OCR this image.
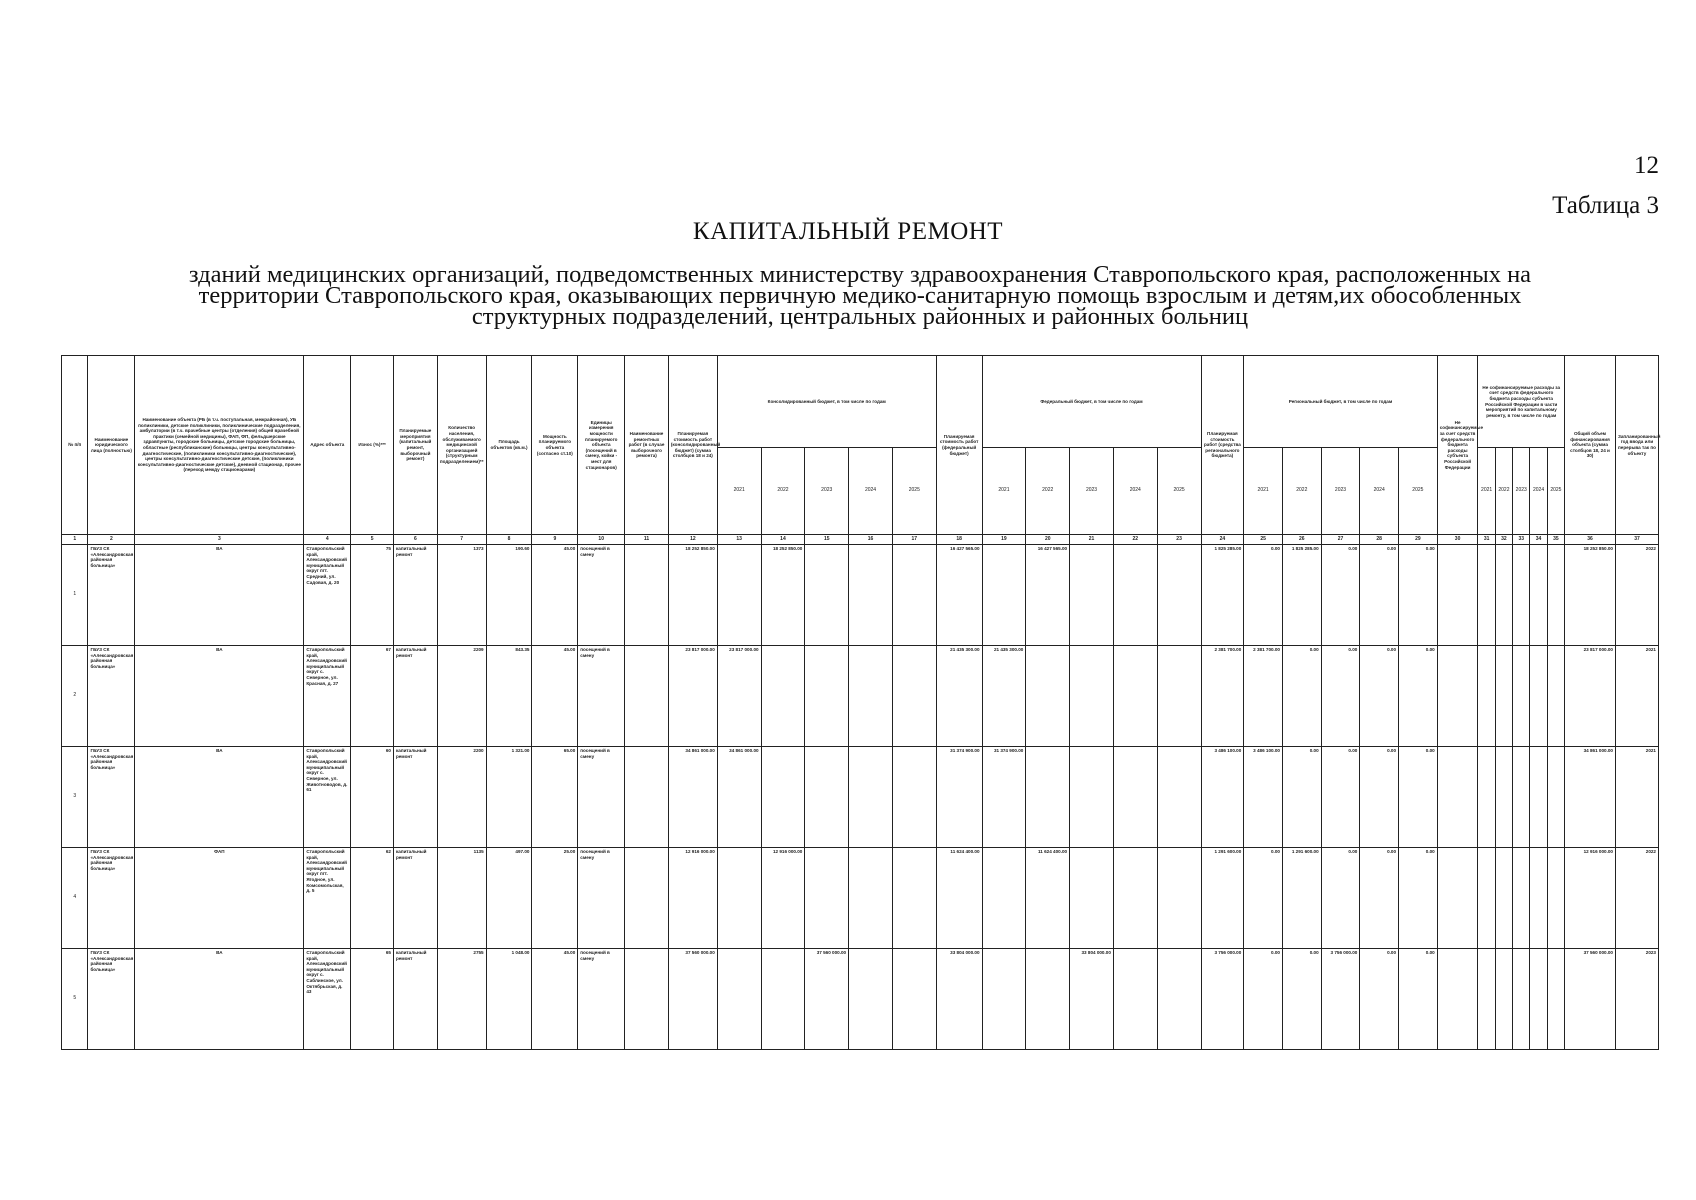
12
Таблица 3
КАПИТАЛЬНЫЙ РЕМОНТ
зданий медицинских организаций, подведомственных министерству здравоохранения Ставропольского края, расположенных на
территории Ставропольского края, оказывающих первичную медико-санитарную помощь взрослым и детям,их обособленных
структурных подразделений, центральных районных и районных больниц
№ п/п	Наименование юридического лица (полностью)	Наименование объекта (РБ (в т.ч. поступальная, межрайонная), УБ поликлиники, детские поликлиники, поликлинические подразделения, амбулатории (в т.ч. врачебные центры (отделения) общей врачебной практики (семейной медицины), ФАП, ФП, фельдшерские здравпункты, городские больницы, детские городские больницы, областные (республиканские) больницы, центры консультативно-диагностические, (поликлиники консультативно-диагностические), центры консультативно-диагностические детские, (поликлиники консультативно-диагностические детские), дневной стационар, прочее (переход между стационарами)	Адрес объекта	Износ (%)***	Планируемые мероприятия (капитальный ремонт, выборочный ремонт)	Количество населения, обслуживаемого медицинской организацией (структурным подразделением)**	Площадь объектов (кв.м.)	Мощность планируемого объекта (согласно ст.10)	Единицы измерения мощности планируемого объекта (посещений в смену, койки - мест для стационаров)	Наименование ремонтных работ (в случае выборочного ремонта)	Планируемая стоимость работ (консолидированный бюджет) (сумма столбцов 18 и 24)	Консолидированный бюджет, в том числе по годам					Планируемая стоимость работ (федеральный бюджет)	Федеральный бюджет, в том числе по годам					Планируемая стоимость работ (средства регионального бюджета)	Региональный бюджет, в том числе по годам					Не софинансируемые за счет средств федерального бюджета расходы субъекта Российской Федерации	Не софинансируемые расходы за счет средств федерального бюджета расходы субъекта Российской Федерации в части мероприятий по капитальному ремонту, в том числе по годам					Общий объем финансирования объекта (сумма столбцов 18, 24 и 30)	Запланированный год ввода или перерыва так по объекту
												2021	2022	2023	2024	2025		2021	2022	2023	2024	2025		2021	2022	2023	2024	2025		2021	2022	2023	2024	2025		
1	2	3	4	5	6	7	8	9	10	11	12	13	14	15	16	17	18	19	20	21	22	23	24	25	26	27	28	29	30	31	32	33	34	35	36	37
1	ГБУЗ СК «Александровская районная больница»	ВА	Ставропольский край, Александровский муниципальный округ пгт. Средний, ул. Садовая, д. 20	75	капитальный ремонт	1373	190.60	45.00	посещений в смену		18 252 850.00		18 252 850.00				16 427 565.00		16 427 565.00				1 825 285.00	0.00	1 825 285.00	0.00	0.00	0.00							18 252 850.00	2022
2	ГБУЗ СК «Александровская районная больница»	ВА	Ставропольский край, Александровский муниципальный округ с. Северное, ул. Красная, д. 27	67	капитальный ремонт	2209	843.35	45.00	посещений в смену		23 817 000.00	23 817 000.00					21 435 300.00	21 435 300.00					2 381 700.00	2 381 700.00	0.00	0.00	0.00	0.00							23 817 000.00	2021
3	ГБУЗ СК «Александровская районная больница»	ВА	Ставропольский край, Александровский муниципальный округ с. Северное, ул. Животноводов, д. 61	60	капитальный ремонт	2200	1 321.00	65.00	посещений в смену		34 861 000.00	34 861 000.00					31 374 900.00	31 374 900.00					3 486 100.00	3 486 100.00	0.00	0.00	0.00	0.00							34 861 000.00	2021
4	ГБУЗ СК «Александровская районная больница»	ФАП	Ставропольский край, Александровский муниципальный округ пгт. Ягодное, ул. Комсомольская, д. 5	62	капитальный ремонт	1135	497.00	25.00	посещений в смену		12 916 000.00		12 916 000.00				11 624 400.00		11 624 400.00				1 291 600.00	0.00	1 291 600.00	0.00	0.00	0.00							12 916 000.00	2022
5	ГБУЗ СК «Александровская районная больница»	ВА	Ставропольский край, Александровский муниципальный округ с. Саблинское, ул. Октябрьская, д. 43	65	капитальный ремонт	2755	1 048.00	45.00	посещений в смену		37 560 000.00			37 560 000.00			33 804 000.00			33 804 000.00			3 756 000.00	0.00	0.00	3 756 000.00	0.00	0.00							37 560 000.00	2023
